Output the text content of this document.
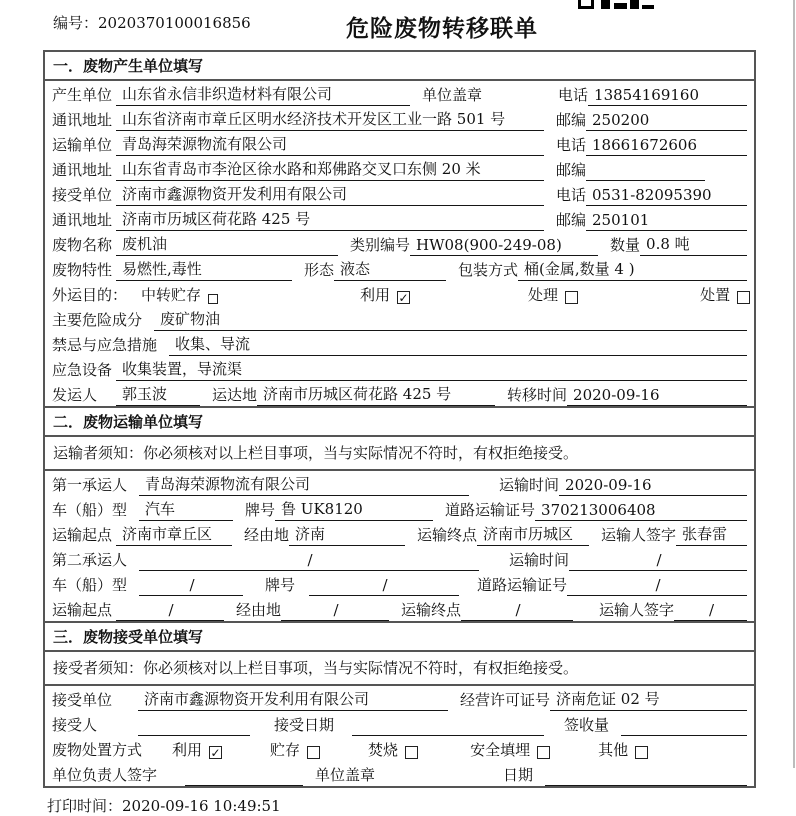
编号：2020370100016856	危险废物转移联单
一．废物产生单位填写
产生单位 山东省永信非织造材料有限公司	单位盖章	电话 13854169160
通讯地址 山东省济南市章丘区明水经济技术开发区工业一路 501 号	邮编 250200
运输单位 青岛海荣源物流有限公司	电话 18661672606
通讯地址 山东省青岛市李沧区徐水路和郑佛路交叉口东侧 20 米	邮编
接受单位 济南市鑫源物资开发利用有限公司	电话 0531-82095390
通讯地址 济南市历城区荷花路 425 号	邮编 250101
废物名称 废机油	类别编号 HW08(900-249-08)	数量 0.8 吨
废物特性 易燃性,毒性	形态 液态	包装方式 桶(金属,数量 4 )
外运目的： 中转贮存	利用 ✓	处理	处置
主要危险成分	废矿物油
禁忌与应急措施	收集、导流
应急设备 收集装置，导流渠
发运人	郭玉波	运达地 济南市历城区荷花路 425 号	转移时间 2020-09-16
二．废物运输单位填写
运输者须知：你必须核对以上栏目事项，当与实际情况不符时，有权拒绝接受。
第一承运人	青岛海荣源物流有限公司	运输时间 2020-09-16
车（船）型	汽车	牌号 鲁 UK8120	道路运输证号 370213006408
运输起点 济南市章丘区	经由地 济南	运输终点 济南市历城区	运输人签字 张春雷
第二承运人	/	运输时间	/
车（船）型	/	牌号	/	道路运输证号	/
运输起点	/	经由地	/	运输终点	/	运输人签字	/
三．废物接受单位填写
接受者须知：你必须核对以上栏目事项，当与实际情况不符时，有权拒绝接受。
接受单位	济南市鑫源物资开发利用有限公司	经营许可证号 济南危证 02 号
接受人	接受日期	签收量
废物处置方式 利用 ✓	贮存	焚烧	安全填埋	其他
单位负责人签字	单位盖章	日期
打印时间：2020-09-16 10:49:51
